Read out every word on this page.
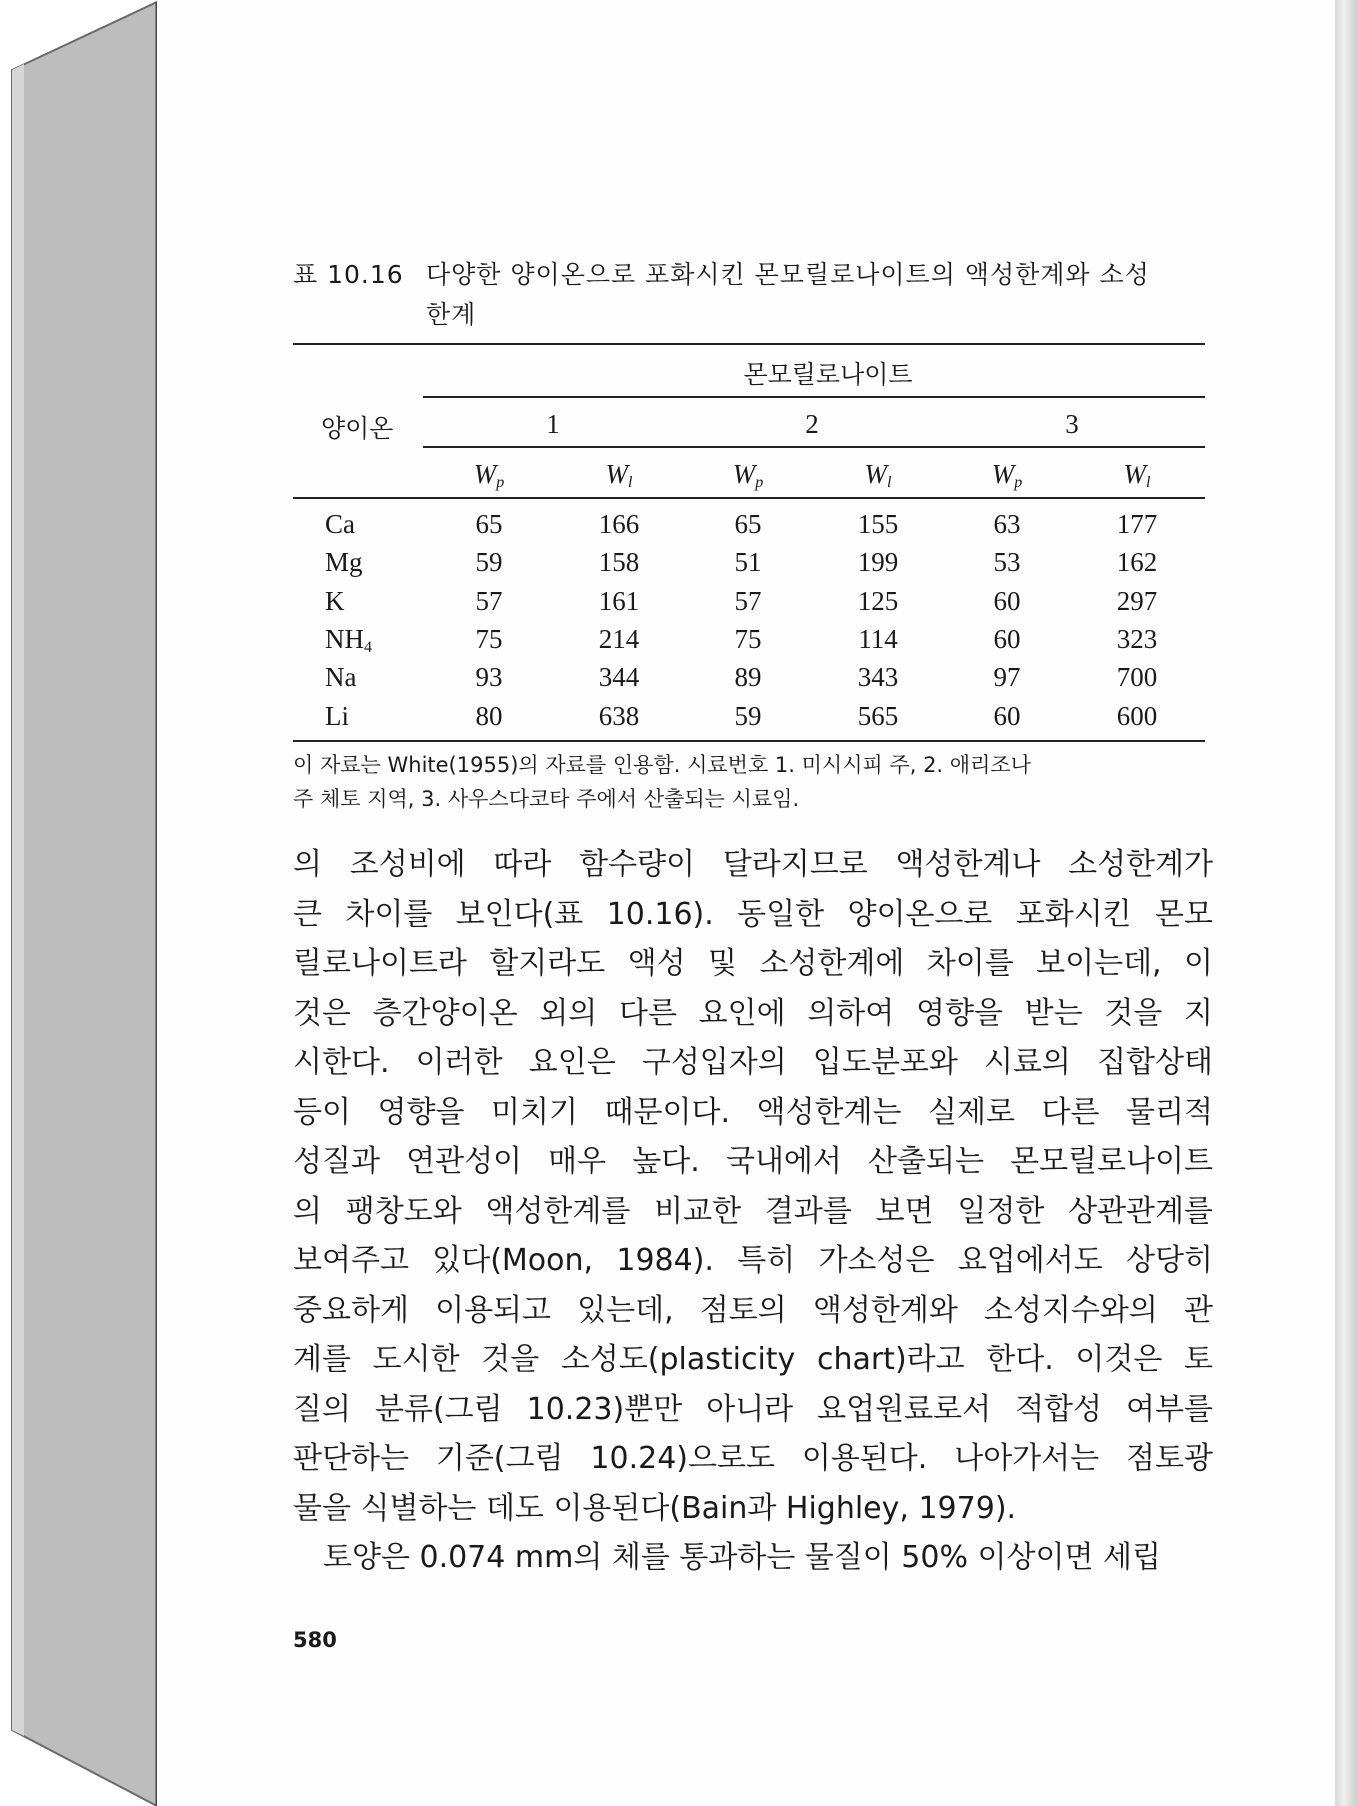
표 10.16 다양한 양이온으로 포화시킨 몬모릴로나이트의 액성한계와 소성
한계
몬모릴로나이트
양이온	1	2	3
$W_p$	$W_l$	$W_p$	$W_l$	$W_p$	$W_l$
Ca	65	166	65	155	63	177
Mg	59	158	51	199	53	162
K	57	161	57	125	60	297
$NH_4$	75	214	75	114	60	323
Na	93	344	89	343	97	700
Li	80	638	59	565	60	600
이 자료는 White(1955)의 자료를 인용함. 시료번호 1. 미시시피 주, 2. 애리조나
주 체토 지역, 3. 사우스다코타 주에서 산출되는 시료임.
의 조성비에 따라 함수량이 달라지므로 액성한계나 소성한계가
큰 차이를 보인다(표 10.16). 동일한 양이온으로 포화시킨 몬모
릴로나이트라 할지라도 액성 및 소성한계에 차이를 보이는데, 이
것은 층간양이온 외의 다른 요인에 의하여 영향을 받는 것을 지
시한다. 이러한 요인은 구성입자의 입도분포와 시료의 집합상태
등이 영향을 미치기 때문이다. 액성한계는 실제로 다른 물리적
성질과 연관성이 매우 높다. 국내에서 산출되는 몬모릴로나이트
의 팽창도와 액성한계를 비교한 결과를 보면 일정한 상관관계를
보여주고 있다(Moon, 1984). 특히 가소성은 요업에서도 상당히
중요하게 이용되고 있는데, 점토의 액성한계와 소성지수와의 관
계를 도시한 것을 소성도(plasticity chart)라고 한다. 이것은 토
질의 분류(그림 10.23)뿐만 아니라 요업원료로서 적합성 여부를
판단하는 기준(그림 10.24)으로도 이용된다. 나아가서는 점토광
물을 식별하는 데도 이용된다(Bain과 Highley, 1979).
토양은 0.074 mm의 체를 통과하는 물질이 50% 이상이면 세립
580
